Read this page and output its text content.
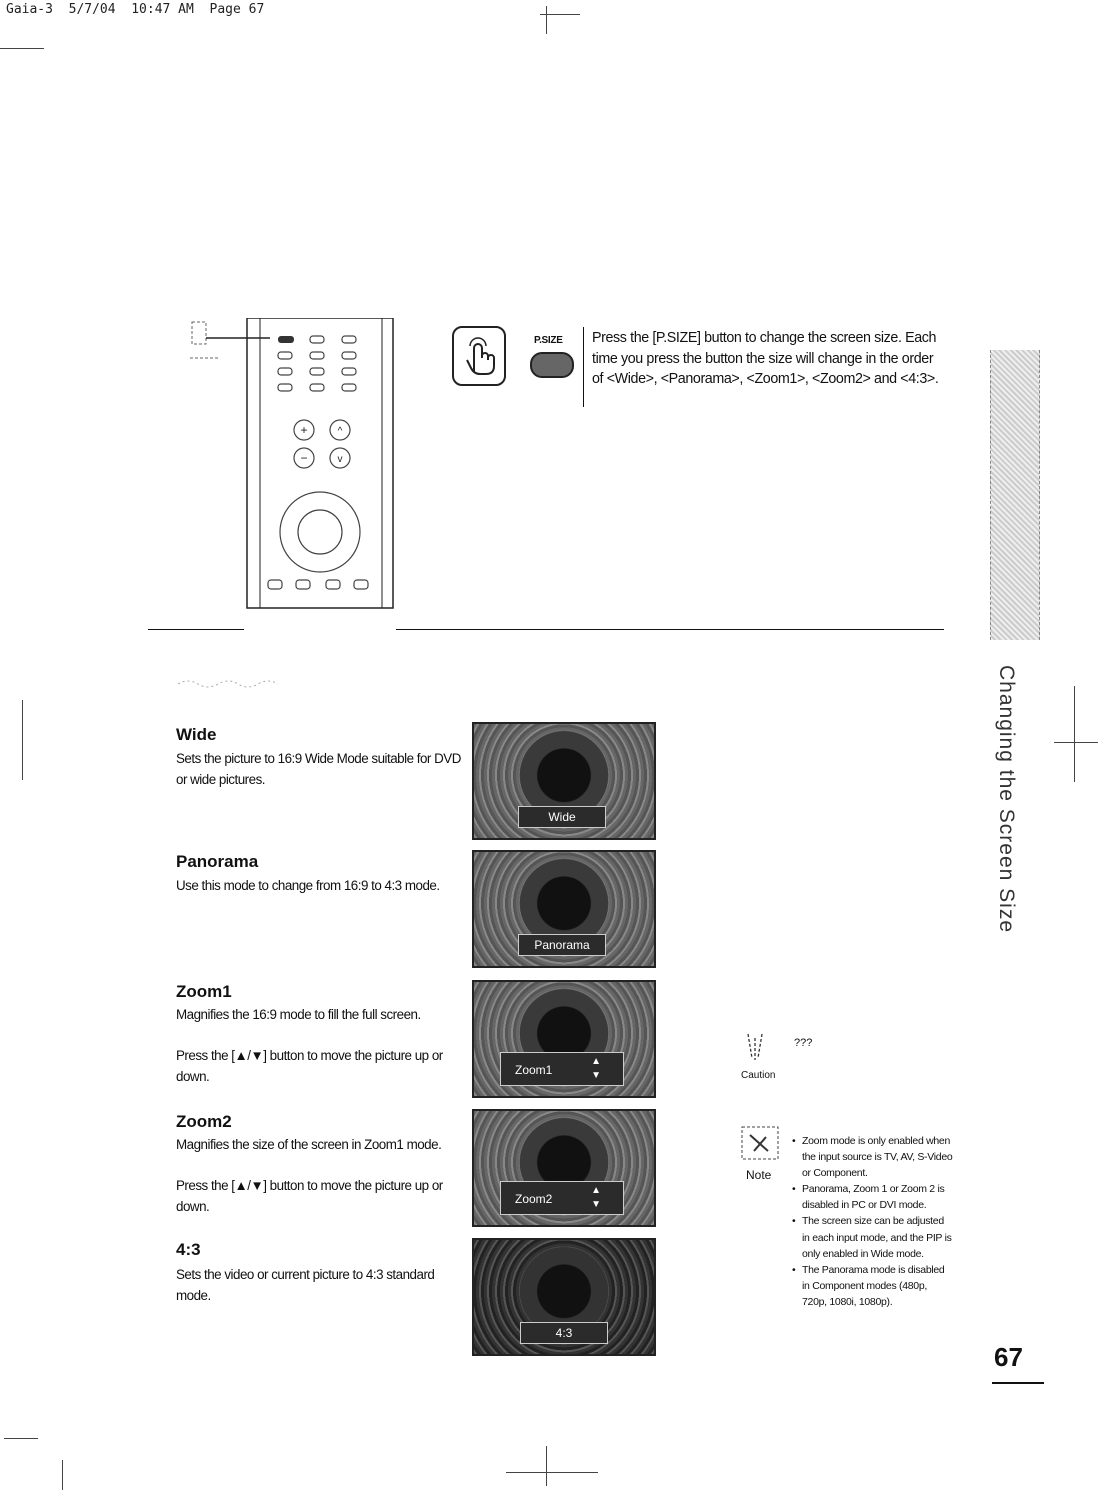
Gaia-3  5/7/04  10:47 AM  Page 67
+
−
^
v
P.SIZE Press the [P.SIZE] button to change the screen size. Each time you press the button the size will change in the order of <Wide>, <Panorama>, <Zoom1>, <Zoom2> and <4:3>.
Wide
Sets the picture to 16:9 Wide Mode suitable for DVD or wide pictures.
Wide
Panorama
Use this mode to change from 16:9 to 4:3 mode.
Panorama
Zoom1
Magnifies the 16:9 mode to fill the full screen.
Press the [▲/▼] button to move the picture up or down.	Zoom1
▲
▼
Zoom2
Magnifies the size of the screen in Zoom1 mode.
Press the [▲/▼] button to move the picture up or down.	Zoom2
▲
▼
4:3
Sets the video or current picture to 4:3 standard mode.
4:3
???
Caution
Note
• Zoom mode is only enabled when the input source is TV, AV, S-Video or Component.
• Panorama, Zoom 1 or Zoom 2 is disabled in PC or DVI mode.
• The screen size can be adjusted in each input mode, and the PIP is only enabled in Wide mode.
• The Panorama mode is disabled in Component modes (480p, 720p, 1080i, 1080p).
Changing the Screen Size
67
